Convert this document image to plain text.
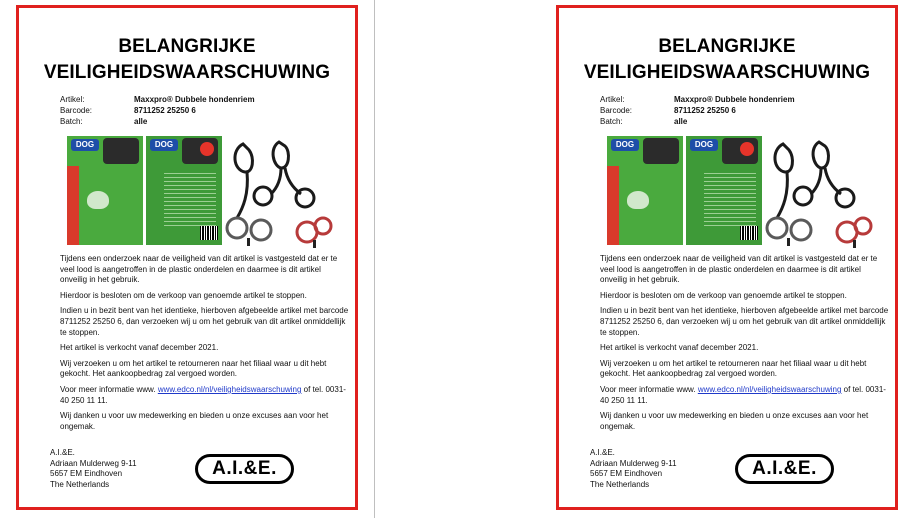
BELANGRIJKE
VEILIGHEIDSWAARSCHUWING
Artikel:	Maxxpro® Dubbele hondenriem
Barcode:	8711252 25250 6
Batch:	alle
DOG	DOG

Tijdens een onderzoek naar de veiligheid van dit artikel is vastgesteld dat er te veel lood is aangetroffen in de plastic onderdelen en daarmee is dit artikel onveilig in het gebruik.

Hierdoor is besloten om de verkoop van genoemde artikel te stoppen.

Indien u in bezit bent van het identieke, hierboven afgebeelde artikel met barcode 8711252 25250 6, dan verzoeken wij u om het gebruik van dit artikel onmiddellijk te stoppen.

Het artikel is verkocht vanaf december 2021.

Wij verzoeken u om het artikel te retourneren naar het filiaal waar u dit hebt gekocht. Het aankoopbedrag zal vergoed worden.

Voor meer informatie www. www.edco.nl/nl/veiligheidswaarschuwing of tel. 0031-40 250 11 11.

Wij danken u voor uw medewerking en bieden u onze excuses aan voor het ongemak.

A.I.&E.
Adriaan Mulderweg 9-11
5657 EM Eindhoven
The Netherlands
A.I.&E.
BELANGRIJKE
VEILIGHEIDSWAARSCHUWING
Artikel:	Maxxpro® Dubbele hondenriem
Barcode:	8711252 25250 6
Batch:	alle
DOG	DOG

Tijdens een onderzoek naar de veiligheid van dit artikel is vastgesteld dat er te veel lood is aangetroffen in de plastic onderdelen en daarmee is dit artikel onveilig in het gebruik.

Hierdoor is besloten om de verkoop van genoemde artikel te stoppen.

Indien u in bezit bent van het identieke, hierboven afgebeelde artikel met barcode 8711252 25250 6, dan verzoeken wij u om het gebruik van dit artikel onmiddellijk te stoppen.

Het artikel is verkocht vanaf december 2021.

Wij verzoeken u om het artikel te retourneren naar het filiaal waar u dit hebt gekocht. Het aankoopbedrag zal vergoed worden.

Voor meer informatie www. www.edco.nl/nl/veiligheidswaarschuwing of tel. 0031-40 250 11 11.

Wij danken u voor uw medewerking en bieden u onze excuses aan voor het ongemak.

A.I.&E.
Adriaan Mulderweg 9-11
5657 EM Eindhoven
The Netherlands
A.I.&E.
